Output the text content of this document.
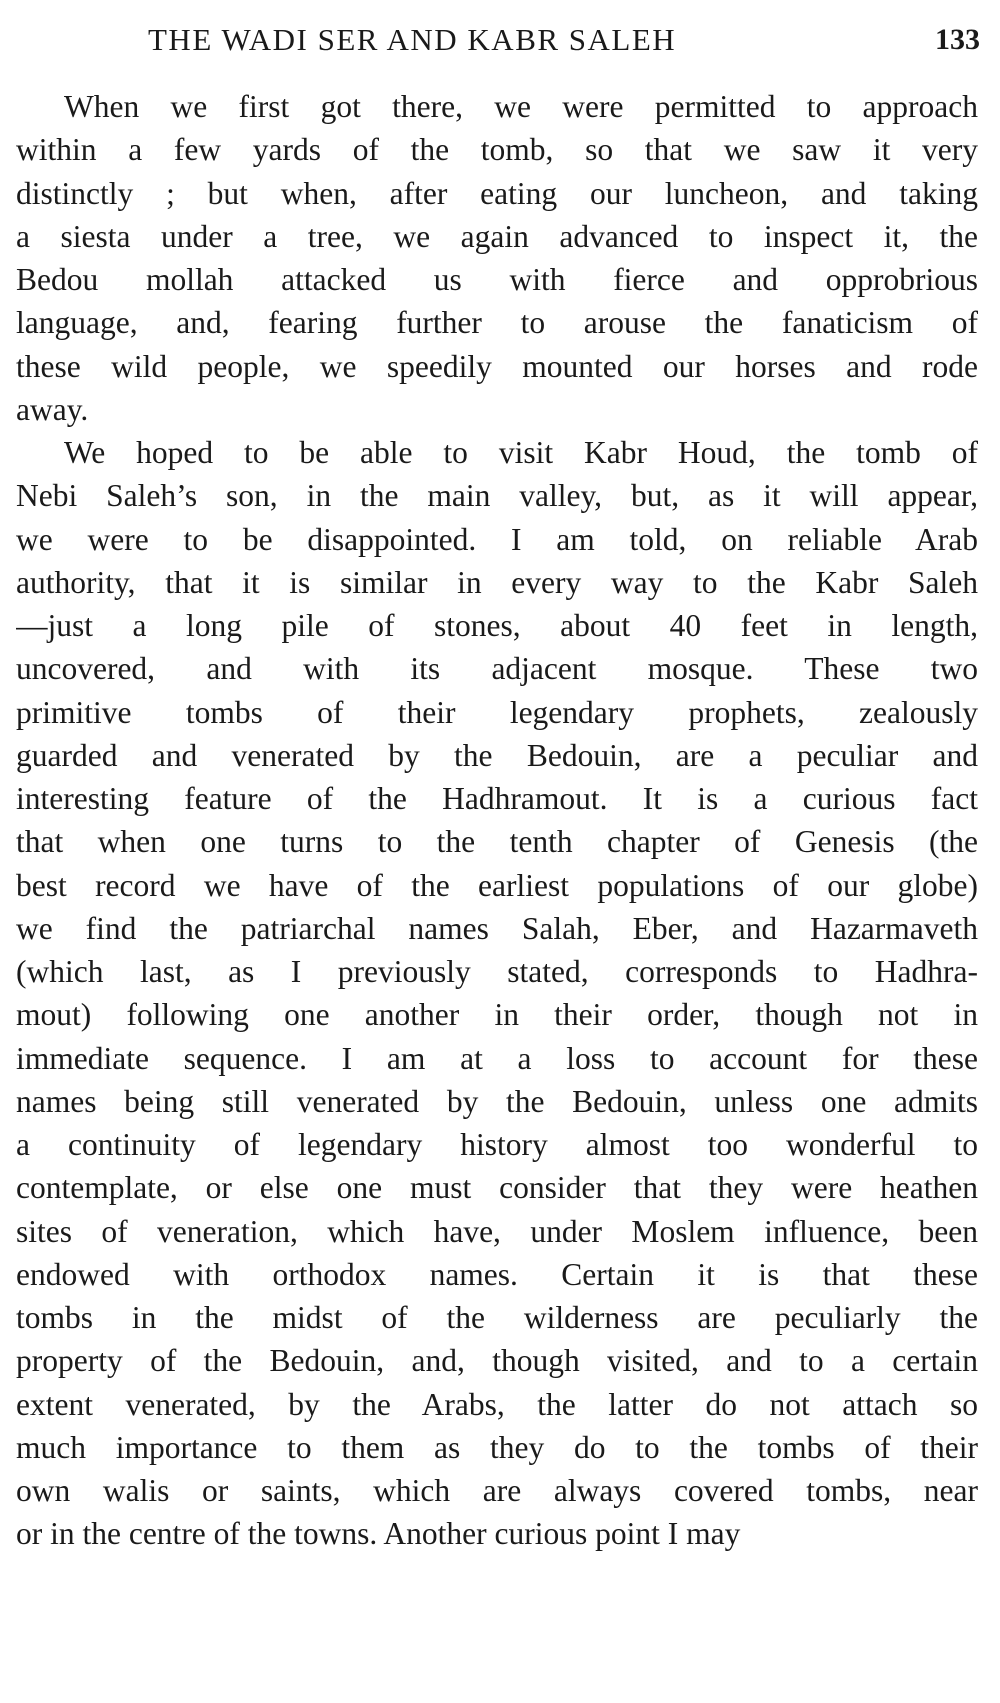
THE WADI SER AND KABR SALEH	133
When we first got there, we were permitted to approach
within a few yards of the tomb, so that we saw it very
distinctly ; but when, after eating our luncheon, and taking
a siesta under a tree, we again advanced to inspect it, the
Bedou mollah attacked us with fierce and opprobrious
language, and, fearing further to arouse the fanaticism of
these wild people, we speedily mounted our horses and rode
away.
We hoped to be able to visit Kabr Houd, the tomb of
Nebi Saleh’s son, in the main valley, but, as it will appear,
we were to be disappointed. I am told, on reliable Arab
authority, that it is similar in every way to the Kabr Saleh
—just a long pile of stones, about 40 feet in length,
uncovered, and with its adjacent mosque. These two
primitive tombs of their legendary prophets, zealously
guarded and venerated by the Bedouin, are a peculiar and
interesting feature of the Hadhramout. It is a curious fact
that when one turns to the tenth chapter of Genesis (the
best record we have of the earliest populations of our globe)
we find the patriarchal names Salah, Eber, and Hazarmaveth
(which last, as I previously stated, corresponds to Hadhra-
mout) following one another in their order, though not in
immediate sequence. I am at a loss to account for these
names being still venerated by the Bedouin, unless one admits
a continuity of legendary history almost too wonderful to
contemplate, or else one must consider that they were heathen
sites of veneration, which have, under Moslem influence, been
endowed with orthodox names. Certain it is that these
tombs in the midst of the wilderness are peculiarly the
property of the Bedouin, and, though visited, and to a certain
extent venerated, by the Arabs, the latter do not attach so
much importance to them as they do to the tombs of their
own walis or saints, which are always covered tombs, near
or in the centre of the towns. Another curious point I may
